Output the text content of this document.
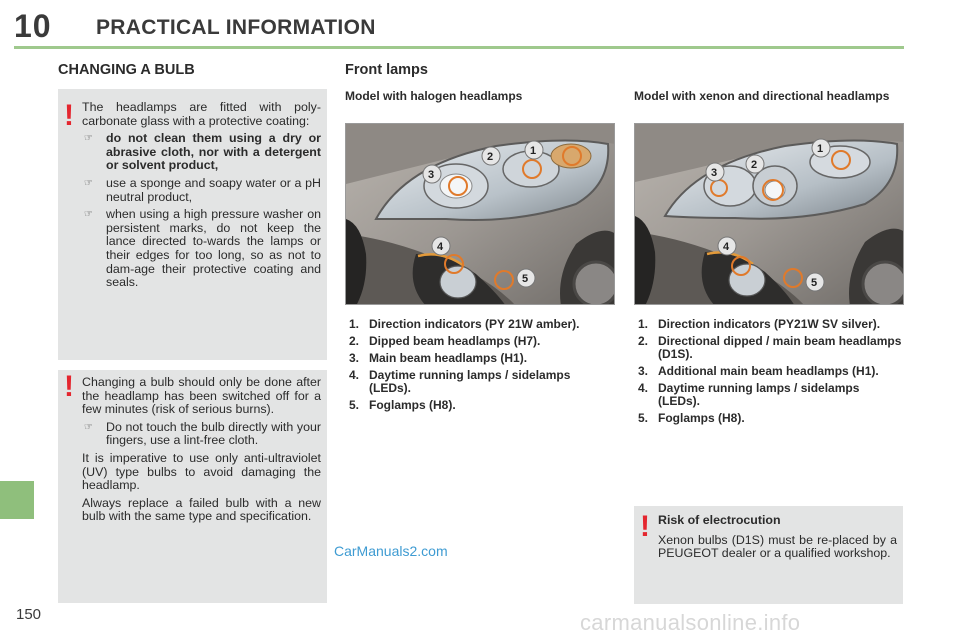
10 PRACTICAL INFORMATION
150
CHANGING A BULB
! The headlamps are fitted with poly-carbonate glass with a protective coating:

☞ do not clean them using a dry or abrasive cloth, nor with a detergent or solvent product,
☞ use a sponge and soapy water or a pH neutral product,
☞ when using a high pressure washer on persistent marks, do not keep the lance directed to-wards the lamps or their edges for too long, so as not to dam-age their protective coating and seals.
! Changing a bulb should only be done after the headlamp has been switched off for a few minutes (risk of serious burns).

☞ Do not touch the bulb directly with your fingers, use a lint-free cloth.

It is imperative to use only anti-ultraviolet (UV) type bulbs to avoid damaging the headlamp.

Always replace a failed bulb with a new bulb with the same type and specification.

Front lamps
Model with halogen headlamps	Model with xenon and directional headlamps
1
2
3
4
5
1
2
3
4
5
1. Direction indicators (PY 21W amber).
2. Dipped beam headlamps (H7).
3. Main beam headlamps (H1).
4. Daytime running lamps / sidelamps (LEDs).
5. Foglamps (H8).
1. Direction indicators (PY21W SV silver).
2. Directional dipped / main beam headlamps (D1S).
3. Additional main beam headlamps (H1).
4. Daytime running lamps / sidelamps (LEDs).
5. Foglamps (H8).
! Risk of electrocution

Xenon bulbs (D1S) must be re-placed by a PEUGEOT dealer or a qualified workshop.

CarManuals2.com
carmanualsonline.info
